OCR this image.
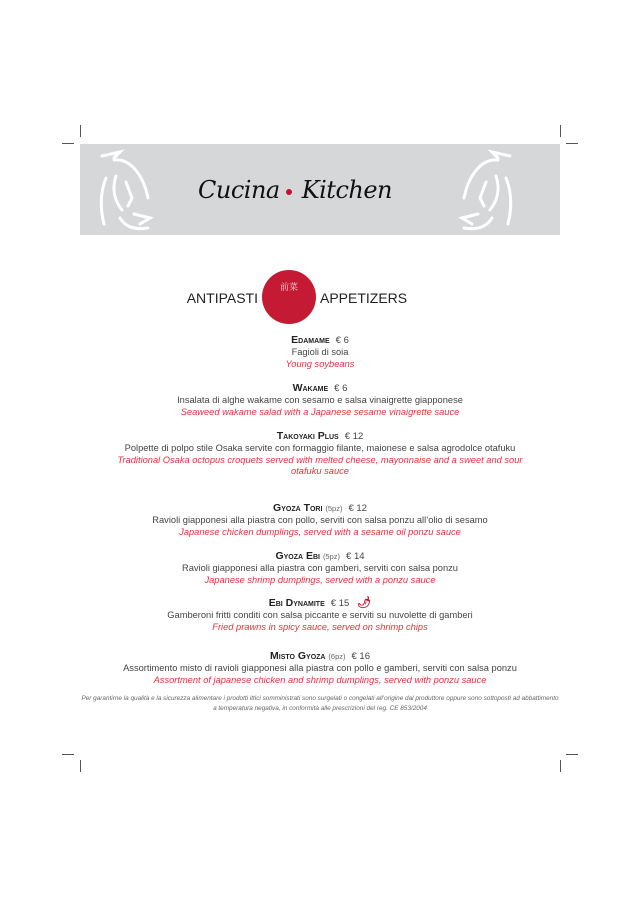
Cucina Kitchen
ANTIPASTI
前菜
APPETIZERS
Edamame € 6
Fagioli di soia
Young soybeans
Wakame € 6
Insalata di alghe wakame con sesamo e salsa vinaigrette giapponese
Seaweed wakame salad with a Japanese sesame vinaigrette sauce
Takoyaki Plus € 12
Polpette di polpo stile Osaka servite con formaggio filante, maionese e salsa agrodolce otafuku
Traditional Osaka octopus croquets served with melted cheese, mayonnaise and a sweet and sour otafuku sauce
Gyoza Tori (5pz) € 12
Ravioli giapponesi alla piastra con pollo, serviti con salsa ponzu all’olio di sesamo
Japanese chicken dumplings, served with a sesame oil ponzu sauce
Gyoza Ebi (5pz) € 14
Ravioli giapponesi alla piastra con gamberi, serviti con salsa ponzu
Japanese shrimp dumplings, served with a ponzu sauce
Ebi Dynamite € 15 🌶︎
Gamberoni fritti conditi con salsa piccante e serviti su nuvolette di gamberi
Fried prawns in spicy sauce, served on shrimp chips
Misto Gyoza (6pz) € 16
Assortimento misto di ravioli giapponesi alla piastra con pollo e gamberi, serviti con salsa ponzu
Assortment of japanese chicken and shrimp dumplings, served with ponzu sauce
Per garantirne la qualità e la sicurezza alimentare i prodotti ittici somministrati sono surgelati o congelati all’origine dal produttore oppure sono sottoposti ad abbattimento a temperatura negativa, in conformità alle prescrizioni del reg. CE 853/2004
